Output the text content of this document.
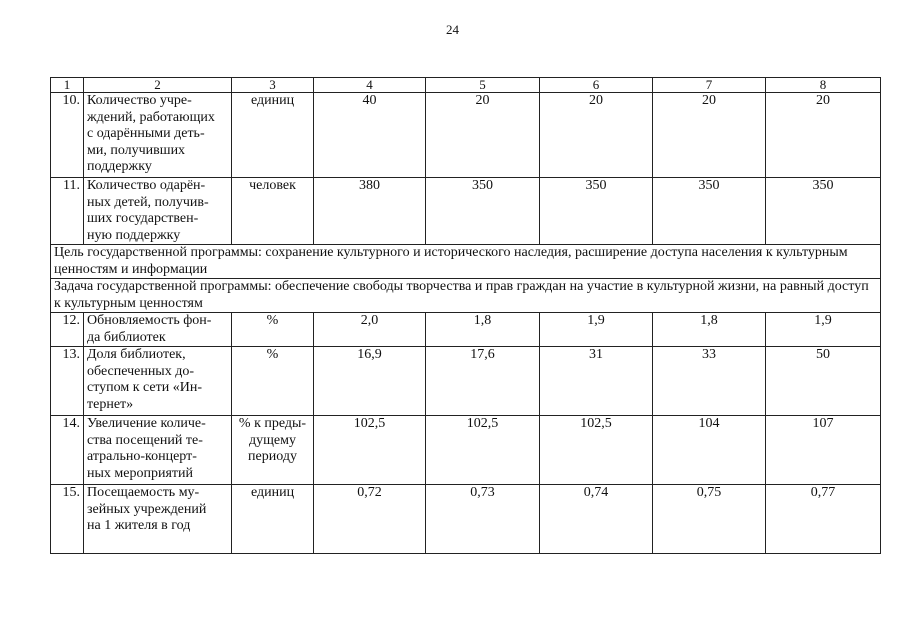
24
1	2	3	4	5	6	7	8
10.	Количество учре-
ждений, работающих
с одарёнными деть-
ми, получивших
поддержку	единиц	40	20	20	20	20
11.	Количество одарён-
ных детей, получив-
ших государствен-
ную поддержку	человек	380	350	350	350	350
Цель государственной программы: сохранение культурного и исторического наследия, расширение доступа населения к культурным ценностям и информации							
Задача государственной программы: обеспечение свободы творчества и прав граждан на участие в культурной жизни, на равный доступ к культурным ценностям							
12.	Обновляемость фон-
да библиотек	%	2,0	1,8	1,9	1,8	1,9
13.	Доля библиотек,
обеспеченных до-
ступом к сети «Ин-
тернет»	%	16,9	17,6	31	33	50
14.	Увеличение количе-
ства посещений те-
атрально-концерт-
ных мероприятий	% к преды-
дущему
периоду	102,5	102,5	102,5	104	107
15.	Посещаемость му-
зейных учреждений
на 1 жителя в год	единиц	0,72	0,73	0,74	0,75	0,77
